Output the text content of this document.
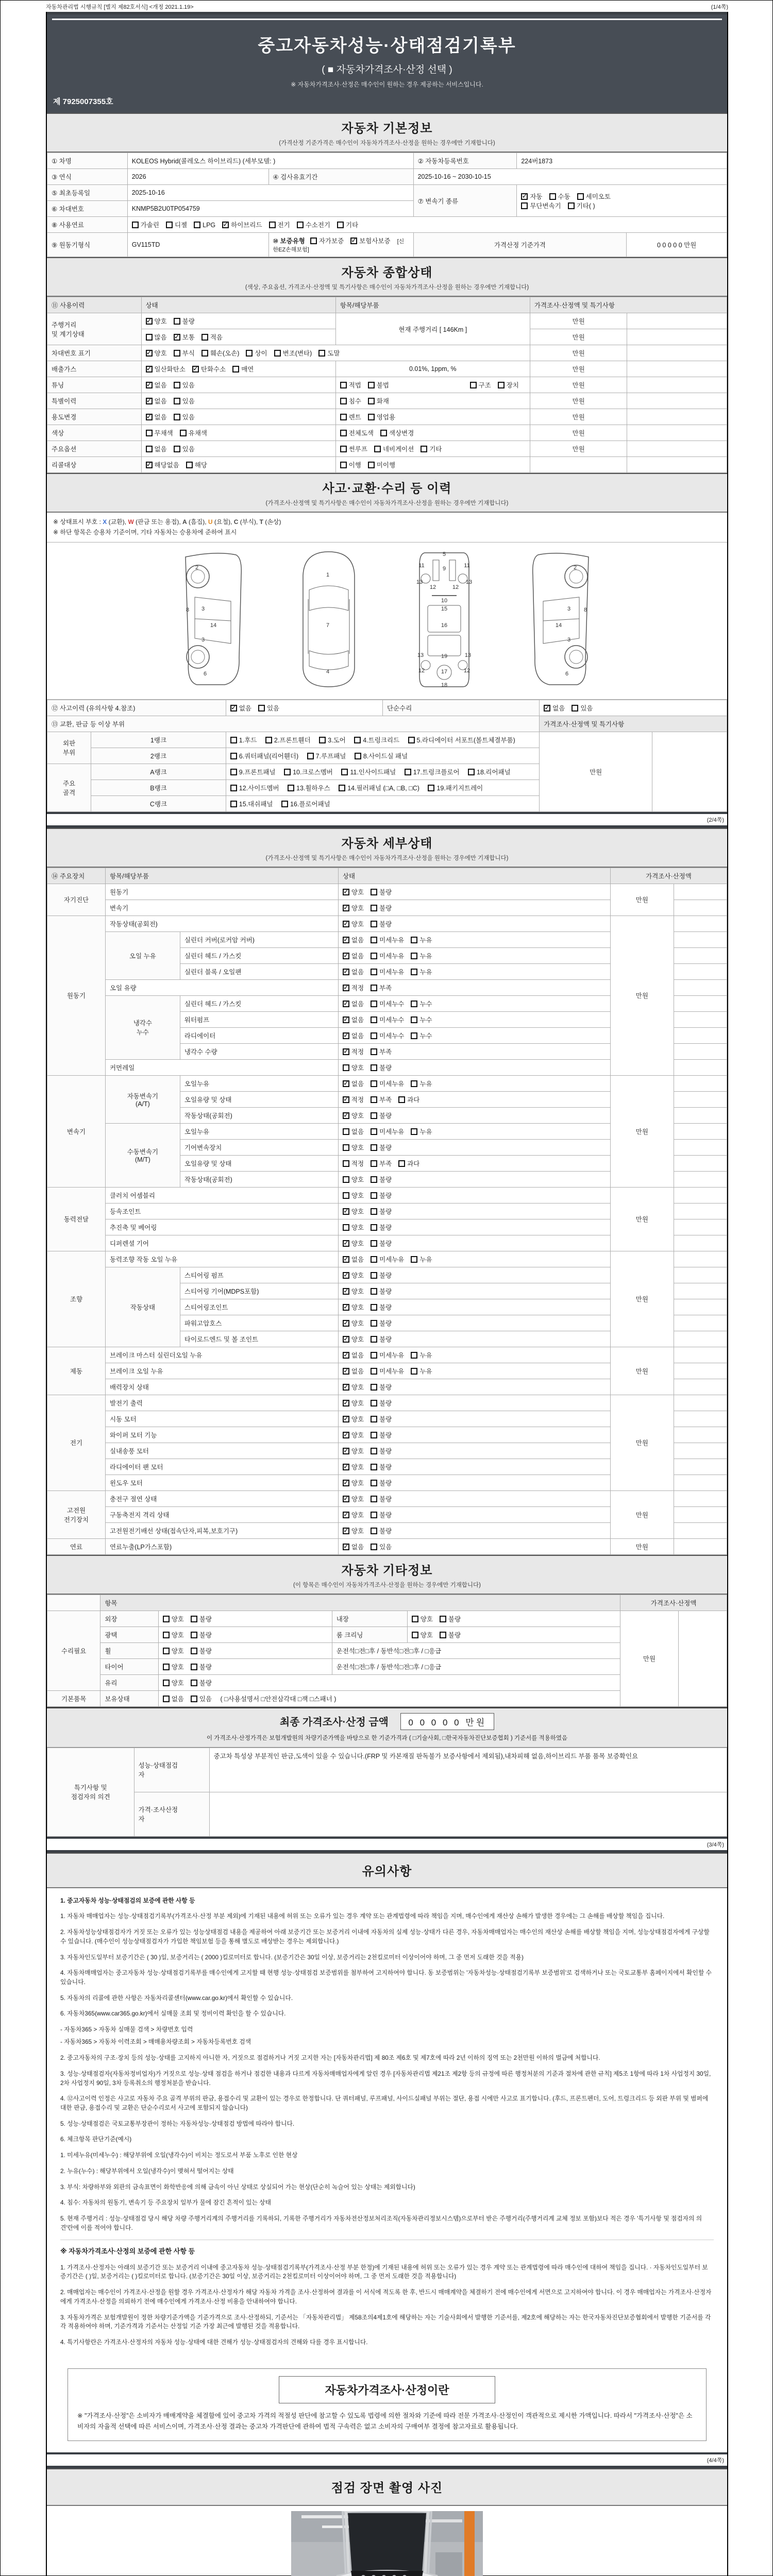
자동차관리법 시행규칙 [별지 제82호서식] <개정 2021.1.19>	(1/4쪽)
중고자동차성능·상태점검기록부
( ■ 자동차가격조사·산정 선택 )
※ 자동차가격조사·산정은 매수인이 원하는 경우 제공하는 서비스입니다.
제 7925007355호
자동차 기본정보
(가격산정 기준가격은 매수인이 자동차가격조사·산정을 원하는 경우에만 기재합니다)
① 차명	KOLEOS Hybrid(콜레오스 하이브리드) (세부모델: )		② 자동차등록번호	224버1873	
③ 연식	2026	④ 검사유효기간	2025-10-16 ~ 2030-10-15		
⑤ 최초등록일	2025-10-16		⑦ 변속기 종류	✓자동 수동 세미오토
무단변속기 기타( )
⑥ 차대번호	KNMP5B2U0TP054759				
⑧ 사용연료	가솔린 디젤 LPG ✓ 하이브리드 전기 수소전기 기타
⑨ 원동기형식	GV115TD	⑩ 보증유형 자가보증 ✓ 보험사보증 [신한EZ손해보험]	가격산정 기준가격		0 0 0 0 0 만원
자동차 종합상태
(색상, 주요옵션, 가격조사·산정액 및 특기사항은 매수인이 자동차가격조사·산정을 원하는 경우에만 기재합니다)
⑪ 사용이력	상태	항목/해당부품	가격조사·산정액 및 특기사항	
주행거리
및 계기상태	✓양호 불량	현재 주행거리 [ 146Km ]	만원	
	많음 ✓ 보통 적음		만원	
차대번호 표기	✓양호 부식 훼손(오손) 상이 변조(변타) 도말		만원	
배출가스	✓일산화탄소 ✓ 탄화수소 매연	0.01%, 1ppm, %	만원	
튜닝	✓없음 있음	적법 불법 구조 장치	만원	
특별이력	✓없음 있음	침수 화재	만원	
용도변경	✓없음 있음	렌트 영업용	만원	
색상	무채색 유채색	전체도색 색상변경	만원	
주요옵션	없음 있음	썬루프 네비게이션 기타	만원	
리콜대상	✓해당없음 해당	이행 미이행		
사고·교환·수리 등 이력
(가격조사·산정액 및 특기사항은 매수인이 자동차가격조사·산정을 원하는 경우에만 기재합니다)
※ 상태표시 부호 : X (교환), W (판금 또는 용접), A (흠집), U (요철), C (부식), T (손상)
※ 하단 항목은 승용차 기준이며, 기타 자동차는 승용차에 준하여 표시
2
8 3
14
3
6
1
7
4
5
11	11
9
13	13
12	12
10
15
16
13	13
19
12	12
17
18
2
8
3
14
3
6
⑫ 사고이력 (유의사항 4.참조)	✓없음 있음	단순수리	✓없음 있음
⑬ 교환, 판금 등 이상 부위				가격조사·산정액 및 특기사항	
외판
부위	1랭크	1.후드 2.프론트휀더 3.도어 4.트렁크리드 5.라디에이터 서포트(볼트체결부품)		만원	
	2랭크	6.쿼터패널(리어휀더) 7.루프패널 8.사이드실 패널			
주요
골격	A랭크	9.프론트패널 10.크로스멤버 11.인사이드패널 17.트렁크플로어 18.리어패널			
	B랭크	12.사이드멤버 13.휠하우스 14.필러패널 (□A, □B, □C) 19.패키지트레이			
	C랭크	15.대쉬패널 16.플로어패널			
(2/4쪽)
자동차 세부상태
(가격조사·산정액 및 특기사항은 매수인이 자동차가격조사·산정을 원하는 경우에만 기재합니다)
⑭ 주요장치	항목/해당부품		상태	가격조사·산정액	
자기진단	원동기	✓양호 불량	만원	
	변속기	✓양호 불량	
원동기	작동상태(공회전)	✓양호 불량	만원	
	오일 누유	실린더 커버(로커암 커버)	✓없음 미세누유 누유	
		실린더 헤드 / 가스킷	✓없음 미세누유 누유	
		실린더 블록 / 오일팬	✓없음 미세누유 누유	
	오일 유량	✓적정 부족	
	냉각수
누수	실린더 헤드 / 가스킷	✓없음 미세누수 누수	
		워터펌프	✓없음 미세누수 누수	
		라디에이터	✓없음 미세누수 누수	
		냉각수 수량	✓적정 부족	
	커먼레일		양호 불량		
변속기	자동변속기
(A/T)	오일누유	✓없음 미세누유 누유	만원	
		오일유량 및 상태	✓적정 부족 과다	
		작동상태(공회전)	✓양호 불량	
	수동변속기
(M/T)	오일누유	없음 미세누유 누유		
		기어변속장치	양호 불량		
		오일유량 및 상태	적정 부족 과다		
		작동상태(공회전)	양호 불량		
동력전달	클러치 어셈블리		양호 불량	만원	
	등속조인트	✓양호 불량	
	추진축 및 베어링		양호 불량		
	디퍼렌셜 기어	✓양호 불량	
조향	동력조향 작동 오일 누유	✓없음 미세누유 누유	만원	
	작동상태	스티어링 펌프	✓양호 불량	
		스티어링 기어(MDPS포함)	✓양호 불량	
		스티어링조인트	✓양호 불량	
		파워고압호스	✓양호 불량	
		타이로드엔드 및 볼 조인트	✓양호 불량	
제동	브레이크 마스터 실린더오일 누유	✓없음 미세누유 누유	만원	
	브레이크 오일 누유	✓없음 미세누유 누유	
	배력장치 상태	✓양호 불량	
전기	발전기 출력	✓양호 불량	만원	
	시동 모터	✓양호 불량	
	와이퍼 모터 기능	✓양호 불량	
	실내송풍 모터	✓양호 불량	
	라디에이터 팬 모터	✓양호 불량	
	윈도우 모터	✓양호 불량	
고전원
전기장치	충전구 절연 상태	✓양호 불량	만원	
	구동축전지 격리 상태	✓양호 불량	
	고전원전기배선 상태(접속단자,피복,보호기구)	✓양호 불량	
연료	연료누출(LP가스포함)	✓없음 있음	만원	
자동차 기타정보
(이 항목은 매수인이 자동차가격조사·산정을 원하는 경우에만 기재합니다)
	항목				가격조사·산정액	
수리필요	외장	양호 불량	내장	양호 불량	만원	
	광택	양호 불량	룸 크리닝	양호 불량		
	휠	양호 불량	운전석□전□후 / 동반석□전□후 / □응급			
	타이어	양호 불량	운전석□전□후 / 동반석□전□후 / □응급			
	유리	양호 불량				
기본품목	보유상태	없음 있음 ( □사용설명서 □안전삼각대 □잭 □스패너 )				
최종 가격조사·산정 금액 0 0 0 0 0 만원
이 가격조사·산정가격은 보험개발원의 차량기준가액을 바탕으로 한 기준가격과 ( □기술사회, □한국자동차진단보증협회 ) 기준서를 적용하였음
특기사항 및
점검자의 의견	성능·상태점검
자	중고차 특성상 부분적인 판금,도색이 있을 수 있습니다.(FRP 및 카본재질 판독불가 보증사항에서 제외됨),내차피해 없음,하이브리드 부품 품목 보증확인요
	가격·조사산정
자	
(3/4쪽)
유의사항

1. 중고자동차 성능·상태점검의 보증에 관한 사항 등

1. 자동차 매매업자는 성능·상태점검기록부(가격조사·산정 부분 제외)에 기재된 내용에 허위 또는 오류가 있는 경우 계약 또는 관계법령에 따라 책임을 지며, 매수인에게 재산상 손해가 발생한 경우에는 그 손해를 배상할 책임을 집니다.

2. 자동차성능상태점검자가 거짓 또는 오류가 있는 성능상태점검 내용을 제공하여 아래 보증기간 또는 보증거리 이내에 자동차의 실제 성능·상태가 다른 경우, 자동차매매업자는 매수인의 재산상 손해를 배상할 책임을 지며, 성능상태점검자에게 구상할 수 있습니다. (매수인이 성능상태점검자가 가입한 책임보험 등을 통해 별도로 배상받는 경우는 제외합니다.)

3. 자동차인도일부터 보증기간은 ( 30 )일, 보증거리는 ( 2000 )킬로미터로 합니다. (보증기간은 30일 이상, 보증거리는 2천킬로미터 이상이어야 하며, 그 중 먼저 도래한 것을 적용)

4. 자동차매매업자는 중고자동차 성능·상태점검기록부를 매수인에게 고지할 때 현행 성능·상태점검 보증범위를 첨부하여 고지하여야 합니다. 동 보증범위는 '자동차성능·상태점검기록부 보증범위'로 검색하거나 또는 국토교통부 홈페이지에서 확인할 수 있습니다.

5. 자동차의 리콜에 관한 사항은 자동차리콜센터(www.car.go.kr)에서 확인할 수 있습니다.

6. 자동차365(www.car365.go.kr)에서 실매물 조회 및 정비이력 확인을 할 수 있습니다.

- 자동차365 > 자동차 실매물 검색 > 차량번호 입력

- 자동차365 > 자동차 이력조회 > 매매용차량조회 > 자동차등록번호 검색

2. 중고자동차의 구조·장치 등의 성능·상태를 고지하지 아니한 자, 거짓으로 점검하거나 거짓 고지한 자는 [자동차관리법] 제 80조 제6호 및 제7호에 따라 2년 이하의 징역 또는 2천만원 이하의 벌금에 처합니다.

3. 성능·상태점검자(자동차정비업자)가 거짓으로 성능·상태 점검을 하거나 점검한 내용과 다르게 자동차매매업자에게 알린 경우 [자동차관리법 제21조 제2항 등의 규정에 따른 행정처분의 기준과 절차에 관한 규칙] 제5조 1항에 따라 1차 사업정지 30일, 2차 사업정지 90일, 3차 등록취소의 행정처분을 받습니다.

4. ⑫사고이력 인정은 사고로 자동차 주요 골격 부위의 판금, 용접수리 및 교환이 있는 경우로 한정합니다. 단 쿼터패널, 루프패널, 사이드실패널 부위는 절단, 용접 시에만 사고로 표기합니다. (후드, 프론트펜더, 도어, 트렁크리드 등 외판 부위 및 범퍼에 대한 판금, 용접수리 및 교환은 단순수리로서 사고에 포함되지 않습니다)

5. 성능·상태점검은 국토교통부장관이 정하는 자동차성능·상태점검 방법에 따라야 합니다.

6. 체크항목 판단기준(예시)

1. 미세누유(미세누수) : 해당부위에 오일(냉각수)이 비치는 정도로서 부품 노후로 인한 현상

2. 누유(누수) : 해당부위에서 오일(냉각수)이 맺혀서 떨어지는 상태

3. 부식: 차량하부와 외판의 금속표면이 화학반응에 의해 금속이 아닌 상태로 상실되어 가는 현상(단순히 녹슬어 있는 상태는 제외합니다)

4. 침수: 자동차의 원동기, 변속기 등 주요장치 일부가 물에 잠긴 흔적이 있는 상태

5. 현재 주행거리 : 성능·상태점검 당시 해당 차량 주행거리계의 주행거리를 기록하되, 기록한 주행거리가 자동차전산정보처리조직(자동차관리정보시스템)으로부터 받은 주행거리(주행거리계 교체 정보 포함)보다 적은 경우 '특기사항 및 점검자의 의견'란에 이를 적어야 합니다.

※ 자동차가격조사·산정의 보증에 관한 사항 등

1. 가격조사·산정자는 아래의 보증기간 또는 보증거리 이내에 중고자동차 성능·상태점검기록부(가격조사·산정 부분 한정)에 기재된 내용에 허위 또는 오류가 있는 경우 계약 또는 관계법령에 따라 매수인에 대하여 책임을 집니다. · 자동차인도일부터 보증기간은 ( )일, 보증거리는 ( )킬로미터로 합니다. (보증기간은 30일 이상, 보증거리는 2천킬로미터 이상이어야 하며, 그 중 먼저 도래한 것을 적용합니다)

2. 매매업자는 매수인이 가격조사·산정을 원할 경우 가격조사·산정자가 해당 자동차 가격을 조사·산정하여 결과를 이 서식에 적도록 한 후, 반드시 매매계약을 체결하기 전에 매수인에게 서면으로 고지하여야 합니다. 이 경우 매매업자는 가격조사·산정자에게 가격조사·산정을 의뢰하기 전에 매수인에게 가격조사·산정 비용을 안내하여야 합니다.

3. 자동차가격은 보험개발원이 정한 차량기준가액을 기준가격으로 조사·산정하되, 기준서는 「자동차관리법」 제58조의4제1호에 해당하는 자는 기술사회에서 발행한 기준서를, 제2호에 해당하는 자는 한국자동차진단보증협회에서 발행한 기준서를 각각 적용하여야 하며, 기준가격과 기준서는 산정일 기준 가장 최근에 발행된 것을 적용합니다.

4. 특기사항란은 가격조사·산정자의 자동차 성능·상태에 대한 견해가 성능·상태점검자의 견해와 다를 경우 표시합니다.

자동차가격조사·산정이란
※ "가격조사·산정"은 소비자가 매매계약을 체결함에 있어 중고차 가격의 적절성 판단에 참고할 수 있도록 법령에 의한 절차와 기준에 따라 전문 가격조사·산정인이 객관적으로 제시한 가액입니다. 따라서 "가격조사·산정"은 소비자의 자율적 선택에 따른 서비스이며, 가격조사·산정 결과는 중고차 가격판단에 관하여 법적 구속력은 없고 소비자의 구매여부 결정에 참고자료로 활용됩니다.
(4/4쪽)
점검 장면 촬영 사진
